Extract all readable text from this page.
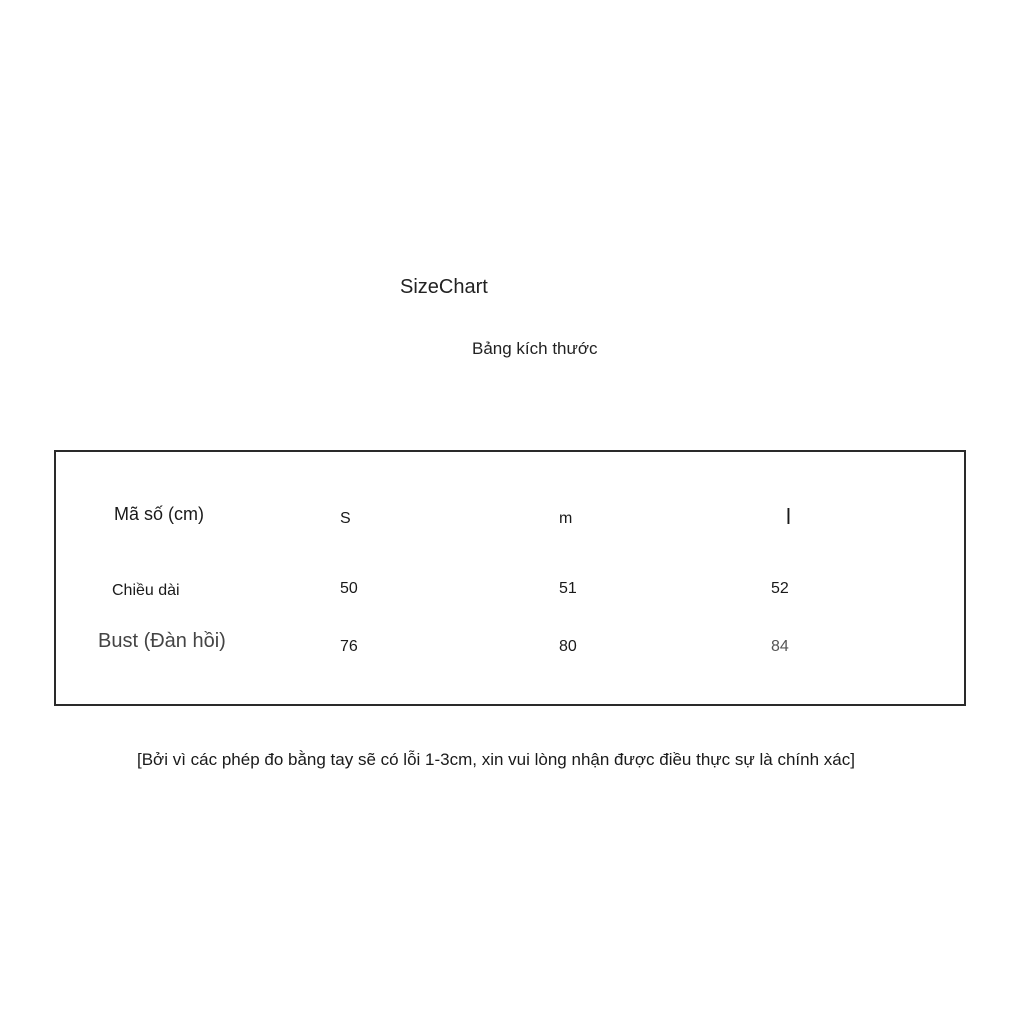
SizeChart
Bảng kích thước
Mã số (cm)	S	m	l
Chiều dài	50	51	52
Bust (Đàn hồi)	76	80	84
[Bởi vì các phép đo bằng tay sẽ có lỗi 1-3cm, xin vui lòng nhận được điều thực sự là chính xác]
